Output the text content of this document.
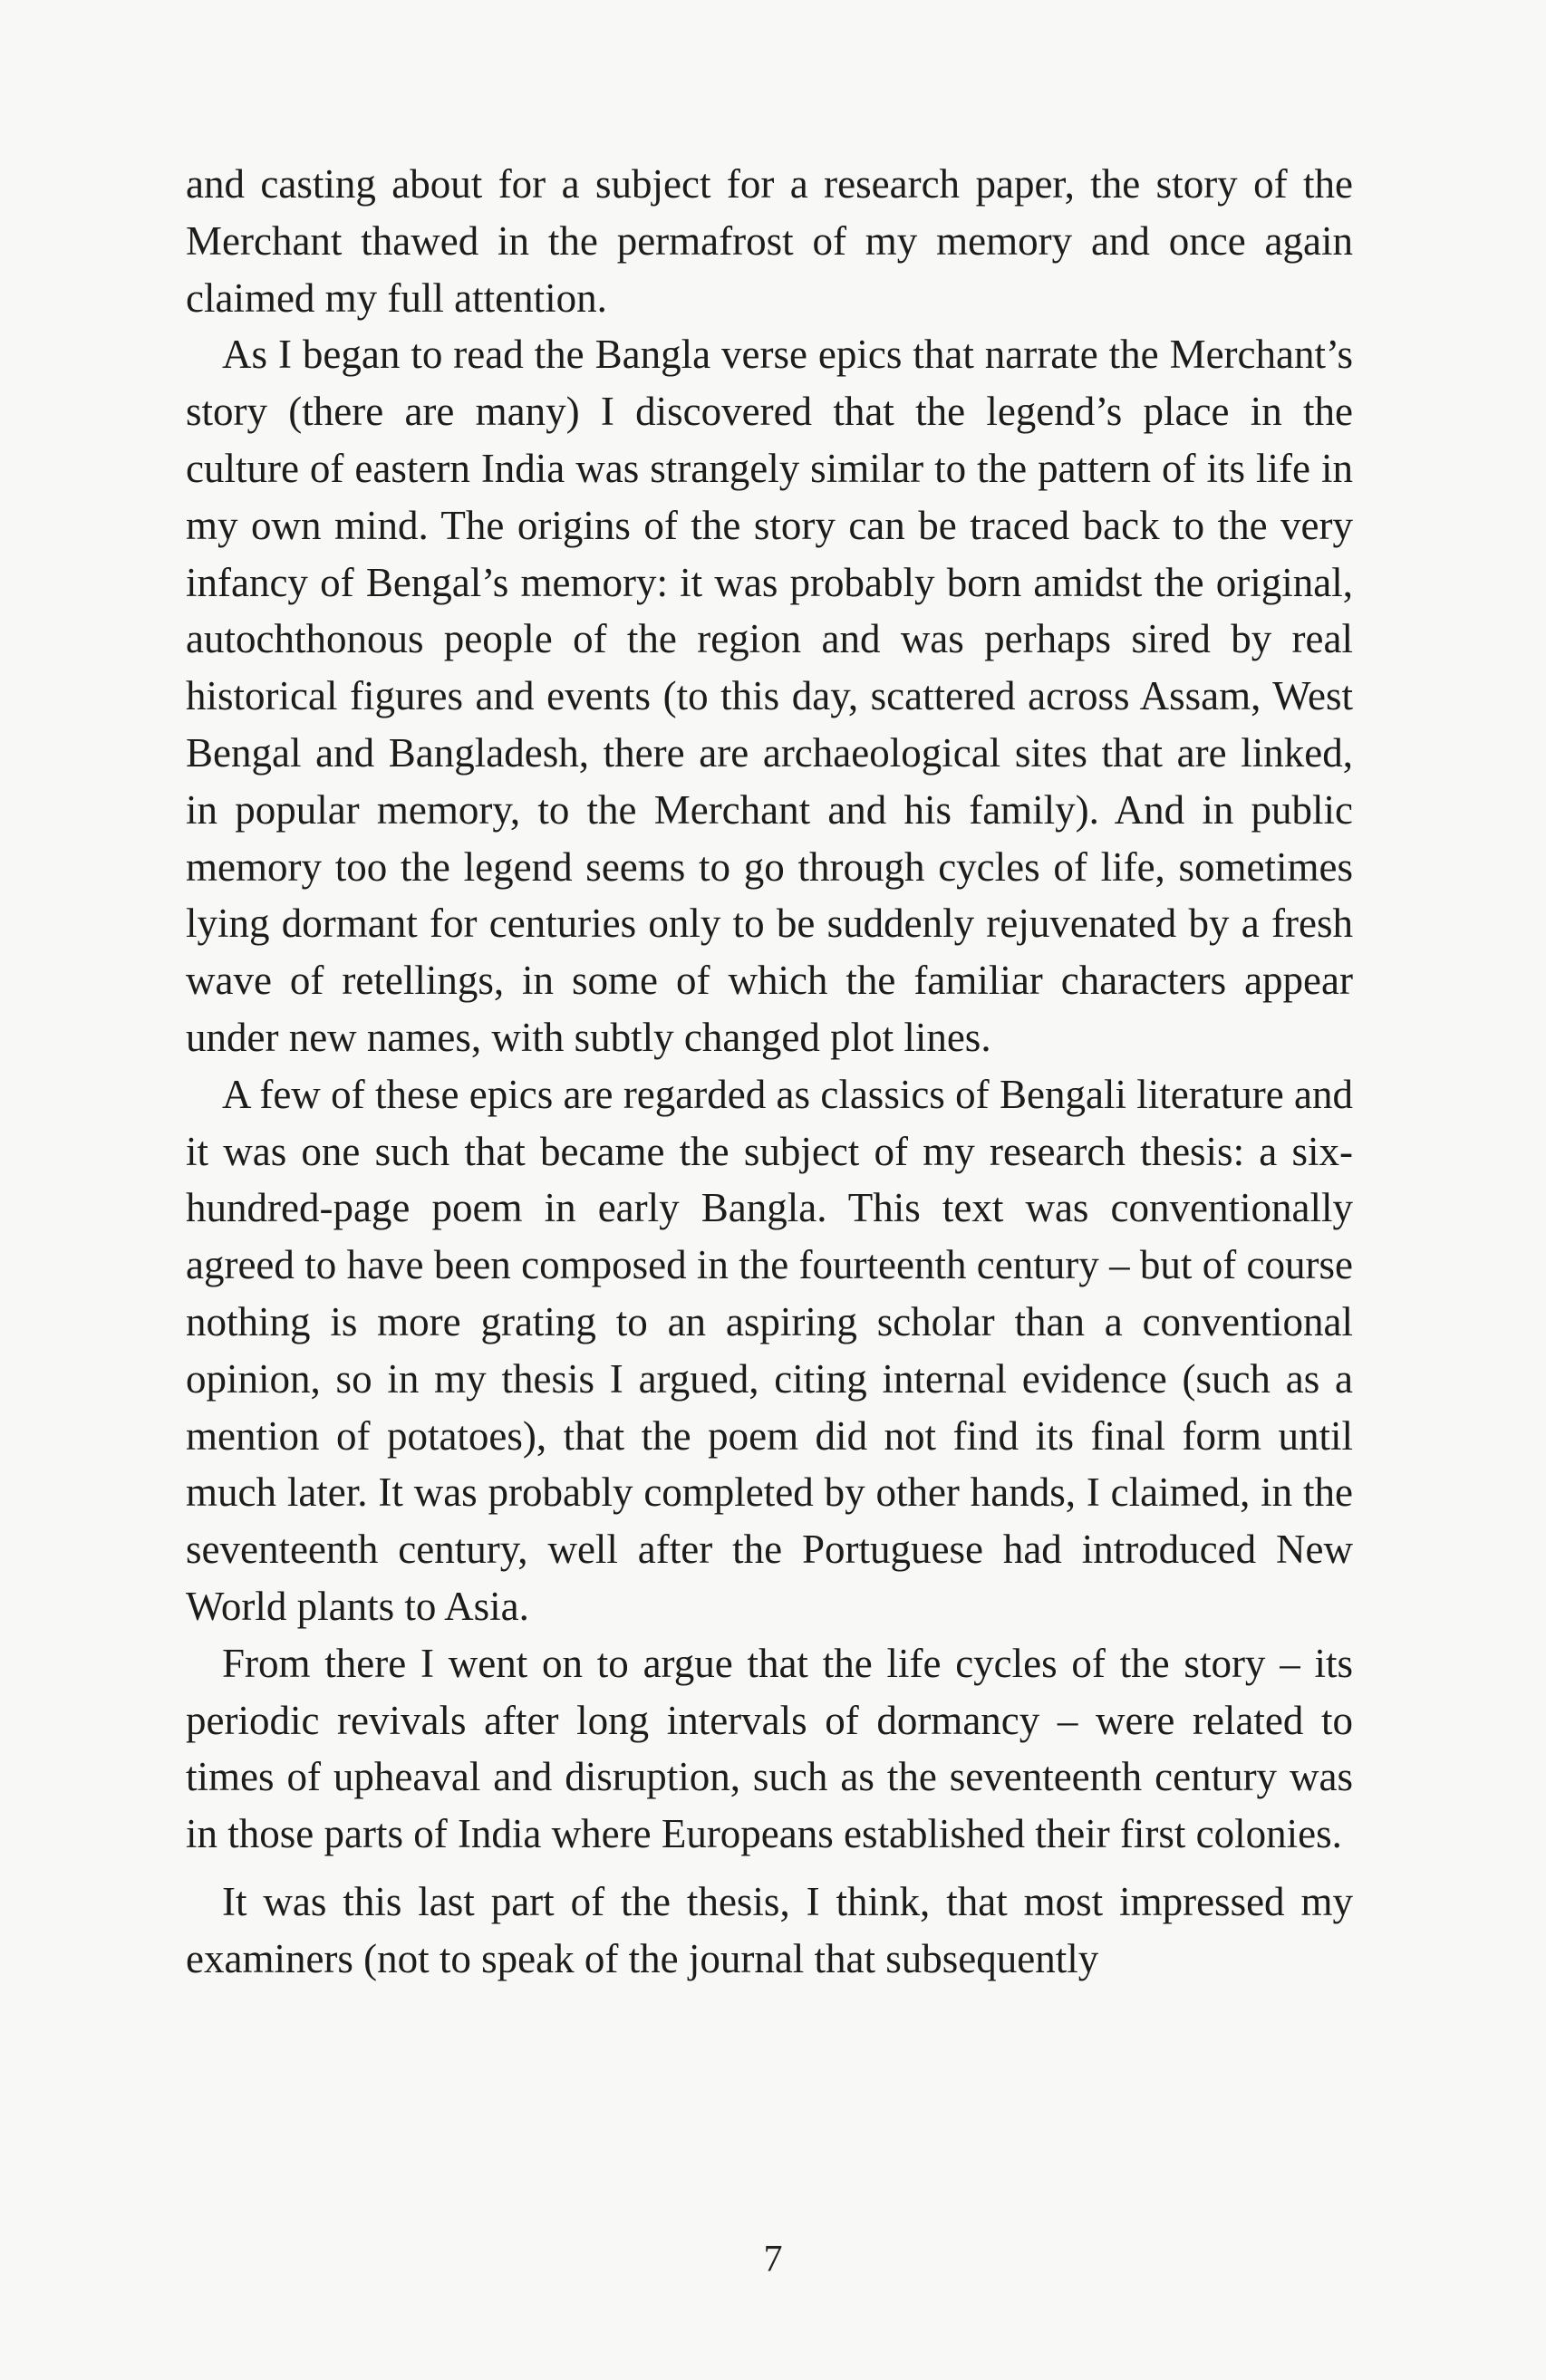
and casting about for a subject for a research paper, the story of the Merchant thawed in the permafrost of my memory and once again claimed my full attention.

As I began to read the Bangla verse epics that narrate the Merchant’s story (there are many) I discovered that the legend’s place in the culture of eastern India was strangely similar to the pattern of its life in my own mind. The origins of the story can be traced back to the very infancy of Bengal’s memory: it was probably born amidst the original, autochthonous people of the region and was perhaps sired by real historical figures and events (to this day, scattered across Assam, West Bengal and Bangladesh, there are archaeological sites that are linked, in popular memory, to the Merchant and his family). And in public memory too the legend seems to go through cycles of life, sometimes lying dormant for centuries only to be suddenly rejuvenated by a fresh wave of retellings, in some of which the familiar characters appear under new names, with subtly changed plot lines.

A few of these epics are regarded as classics of Bengali literature and it was one such that became the subject of my research thesis: a six-hundred-page poem in early Bangla. This text was conventionally agreed to have been composed in the fourteenth century – but of course nothing is more grating to an aspiring scholar than a conventional opinion, so in my thesis I argued, citing internal evidence (such as a mention of potatoes), that the poem did not find its final form until much later. It was probably completed by other hands, I claimed, in the seventeenth century, well after the Portuguese had introduced New World plants to Asia.

From there I went on to argue that the life cycles of the story – its periodic revivals after long intervals of dormancy – were related to times of upheaval and disruption, such as the seventeenth century was in those parts of India where Europeans established their first colonies.

It was this last part of the thesis, I think, that most impressed my examiners (not to speak of the journal that subsequently

7
